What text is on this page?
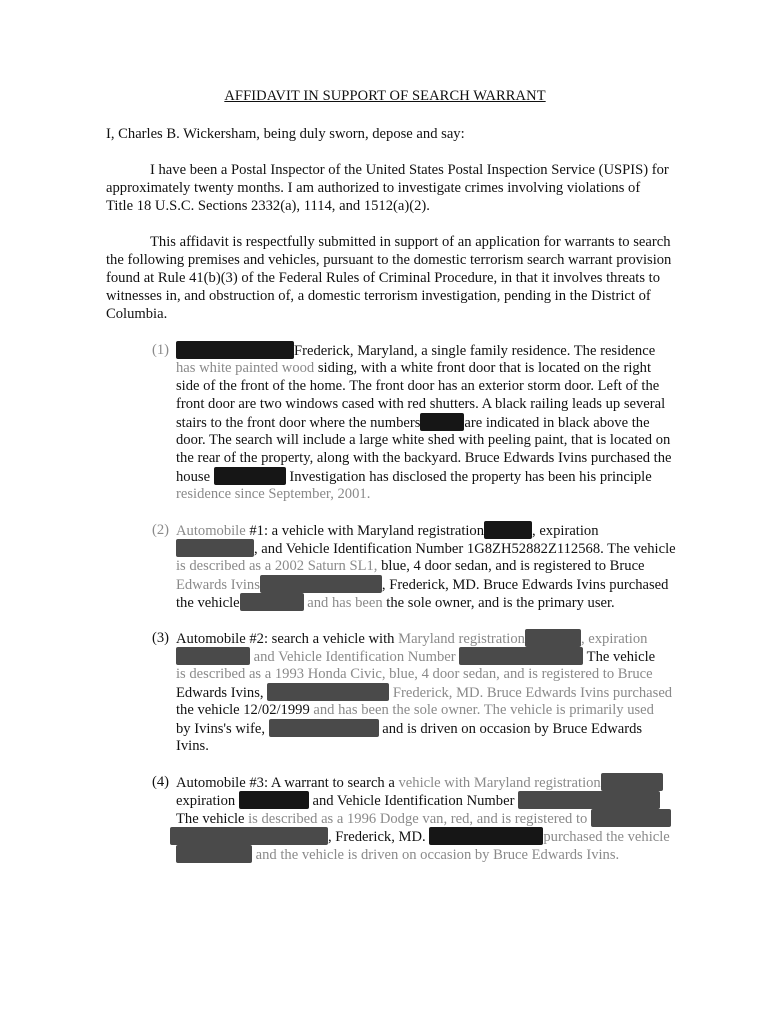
AFFIDAVIT IN SUPPORT OF SEARCH WARRANT
I, Charles B. Wickersham, being duly sworn, depose and say:
I have been a Postal Inspector of the United States Postal Inspection Service (USPIS) for
approximately twenty months. I am authorized to investigate crimes involving violations of
Title 18 U.S.C. Sections 2332(a), 1114, and 1512(a)(2).
This affidavit is respectfully submitted in support of an application for warrants to search
the following premises and vehicles, pursuant to the domestic terrorism search warrant provision
found at Rule 41(b)(3) of the Federal Rules of Criminal Procedure, in that it involves threats to
witnesses in, and obstruction of, a domestic terrorism investigation, pending in the District of
Columbia.
(1)	Frederick, Maryland, a single family residence. The residence
has white painted wood siding, with a white front door that is located on the right
side of the front of the home. The front door has an exterior storm door. Left of the
front door are two windows cased with red shutters. A black railing leads up several
stairs to the front door where the numbers	are indicated in black above the
door. The search will include a large white shed with peeling paint, that is located on
the rear of the property, along with the backyard. Bruce Edwards Ivins purchased the
house	Investigation has disclosed the property has been his principle
residence since September, 2001.
(2) Automobile #1: a vehicle with Maryland registration	, expiration
, and Vehicle Identification Number 1G8ZH52882Z112568. The vehicle
is described as a 2002 Saturn SL1, blue, 4 door sedan, and is registered to Bruce
Edwards Ivins	, Frederick, MD. Bruce Edwards Ivins purchased
the vehicle	and has been the sole owner, and is the primary user.
(3) Automobile #2: search a vehicle with Maryland registration	, expiration
and Vehicle Identification Number	The vehicle
is described as a 1993 Honda Civic, blue, 4 door sedan, and is registered to Bruce
Edwards Ivins,	Frederick, MD. Bruce Edwards Ivins purchased
the vehicle 12/02/1999 and has been the sole owner. The vehicle is primarily used
by Ivins's wife,	and is driven on occasion by Bruce Edwards
Ivins.
(4) Automobile #3: A warrant to search a vehicle with Maryland registration
expiration	and Vehicle Identification Number
The vehicle is described as a 1996 Dodge van, red, and is registered to
, Frederick, MD.	purchased the vehicle
and the vehicle is driven on occasion by Bruce Edwards Ivins.
